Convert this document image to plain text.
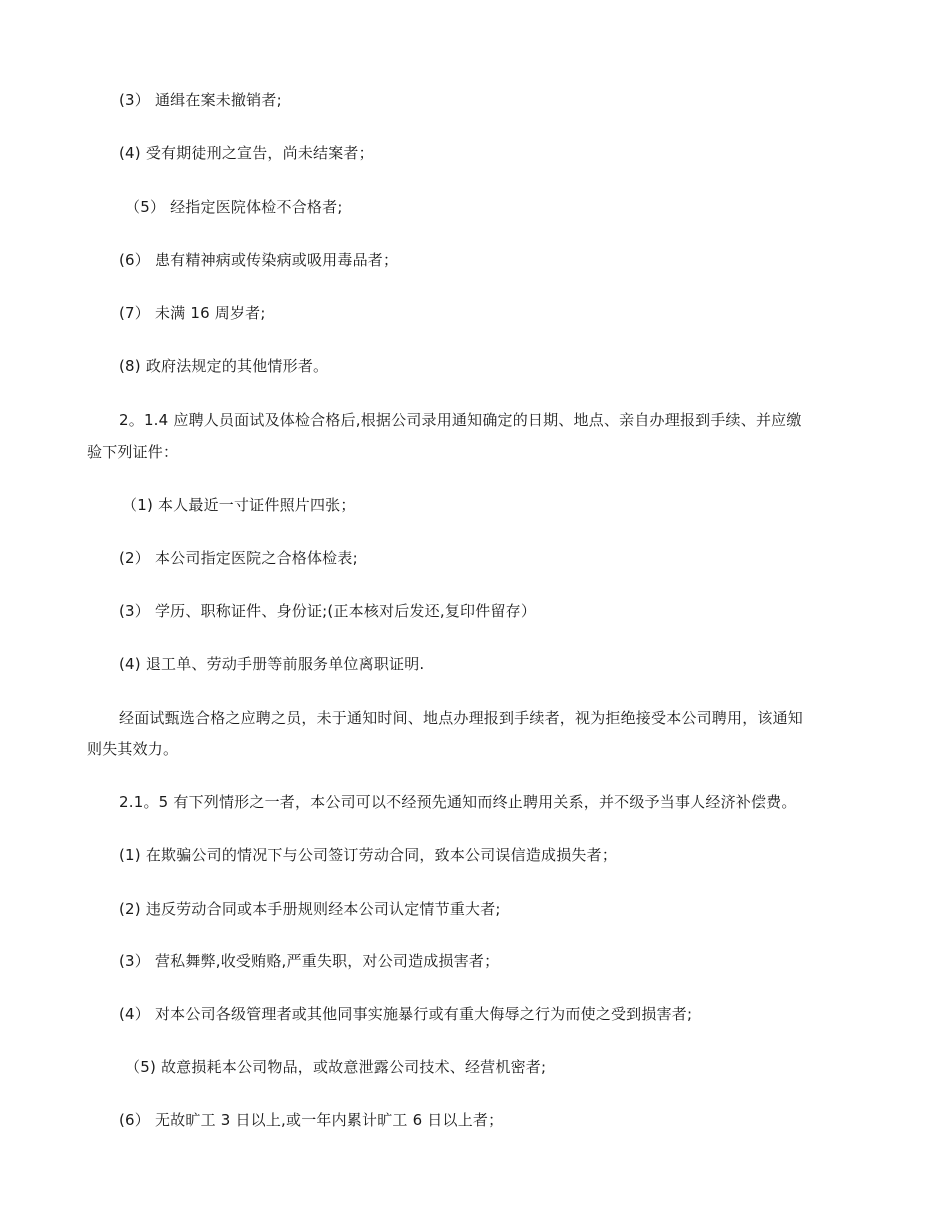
(3） 通缉在案未撤销者;
(4) 受有期徒刑之宣告，尚未结案者；
（5） 经指定医院体检不合格者;
(6） 患有精神病或传染病或吸用毒品者；
(7） 未满 16 周岁者;
(8) 政府法规定的其他情形者。
2。1.4 应聘人员面试及体检合格后,根据公司录用通知确定的日期、地点、亲自办理报到手续、并应缴
验下列证件：
（1) 本人最近一寸证件照片四张；
(2） 本公司指定医院之合格体检表;
(3） 学历、职称证件、身份证;(正本核对后发还,复印件留存）
(4) 退工单、劳动手册等前服务单位离职证明.
经面试甄选合格之应聘之员，未于通知时间、地点办理报到手续者，视为拒绝接受本公司聘用，该通知
则失其效力。
2.1。5 有下列情形之一者，本公司可以不经预先通知而终止聘用关系，并不级予当事人经济补偿费。
(1) 在欺骗公司的情况下与公司签订劳动合同，致本公司误信造成损失者；
(2) 违反劳动合同或本手册规则经本公司认定情节重大者;
(3） 营私舞弊,收受贿赂,严重失职，对公司造成损害者；
(4） 对本公司各级管理者或其他同事实施暴行或有重大侮辱之行为而使之受到损害者;
（5) 故意损耗本公司物品，或故意泄露公司技术、经营机密者;
(6） 无故旷工 3 日以上,或一年内累计旷工 6 日以上者；
